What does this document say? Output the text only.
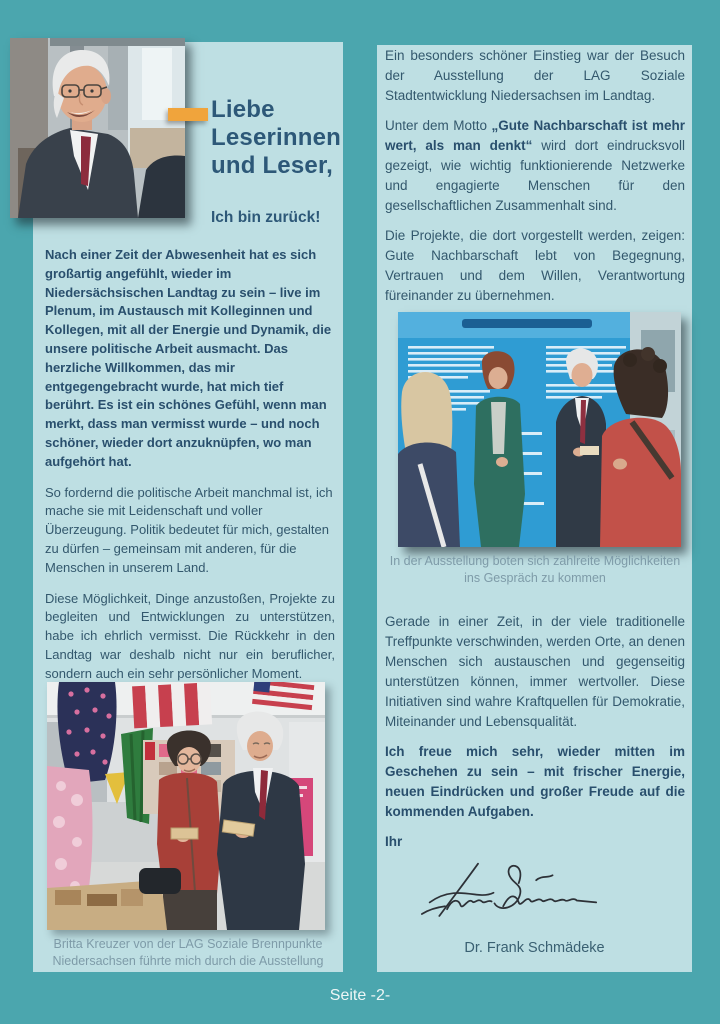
Liebe
Leserinnen
und Leser,
Ich bin zurück!

Nach einer Zeit der Abwesenheit hat es sich großartig angefühlt, wieder im Niedersächsischen Landtag zu sein – live im Plenum, im Austausch mit Kolleginnen und Kollegen, mit all der Energie und Dynamik, die unsere politische Arbeit ausmacht. Das herzliche Willkommen, das mir entgegengebracht wurde, hat mich tief berührt. Es ist ein schönes Gefühl, wenn man merkt, dass man vermisst wurde – und noch schöner, wieder dort anzuknüpfen, wo man aufgehört hat.

So fordernd die politische Arbeit manchmal ist, ich mache sie mit Leidenschaft und voller Überzeugung. Politik bedeutet für mich, gestalten zu dürfen – gemeinsam mit anderen, für die Menschen in unserem Land.

Diese Möglichkeit, Dinge anzustoßen, Projekte zu begleiten und Entwicklungen zu unterstützen, habe ich ehrlich vermisst. Die Rückkehr in den Landtag war deshalb nicht nur ein beruflicher, sondern auch ein sehr persönlicher Moment.

Britta Kreuzer von der LAG Soziale Brennpunkte Niedersachsen führte mich durch die Ausstellung

Ein besonders schöner Einstieg war der Besuch der Ausstellung der LAG Soziale Stadtentwicklung Niedersachsen im Landtag.

Unter dem Motto „Gute Nachbarschaft ist mehr wert, als man denkt“ wird dort eindrucksvoll gezeigt, wie wichtig funktionierende Netzwerke und engagierte Menschen für den gesellschaftlichen Zusammenhalt sind.

Die Projekte, die dort vorgestellt werden, zeigen: Gute Nachbarschaft lebt von Begegnung, Vertrauen und dem Willen, Verantwortung füreinander zu übernehmen.

In der Ausstellung boten sich zahlreite Möglichkeiten ins Gespräch zu kommen

Gerade in einer Zeit, in der viele traditionelle Treffpunkte verschwinden, werden Orte, an denen Menschen sich austauschen und gegenseitig unterstützen können, immer wertvoller. Diese Initiativen sind wahre Kraftquellen für Demokratie, Miteinander und Lebensqualität.

Ich freue mich sehr, wieder mitten im Geschehen zu sein – mit frischer Energie, neuen Eindrücken und großer Freude auf die kommenden Aufgaben.

Ihr

Dr. Frank Schmädeke
Seite -2-
